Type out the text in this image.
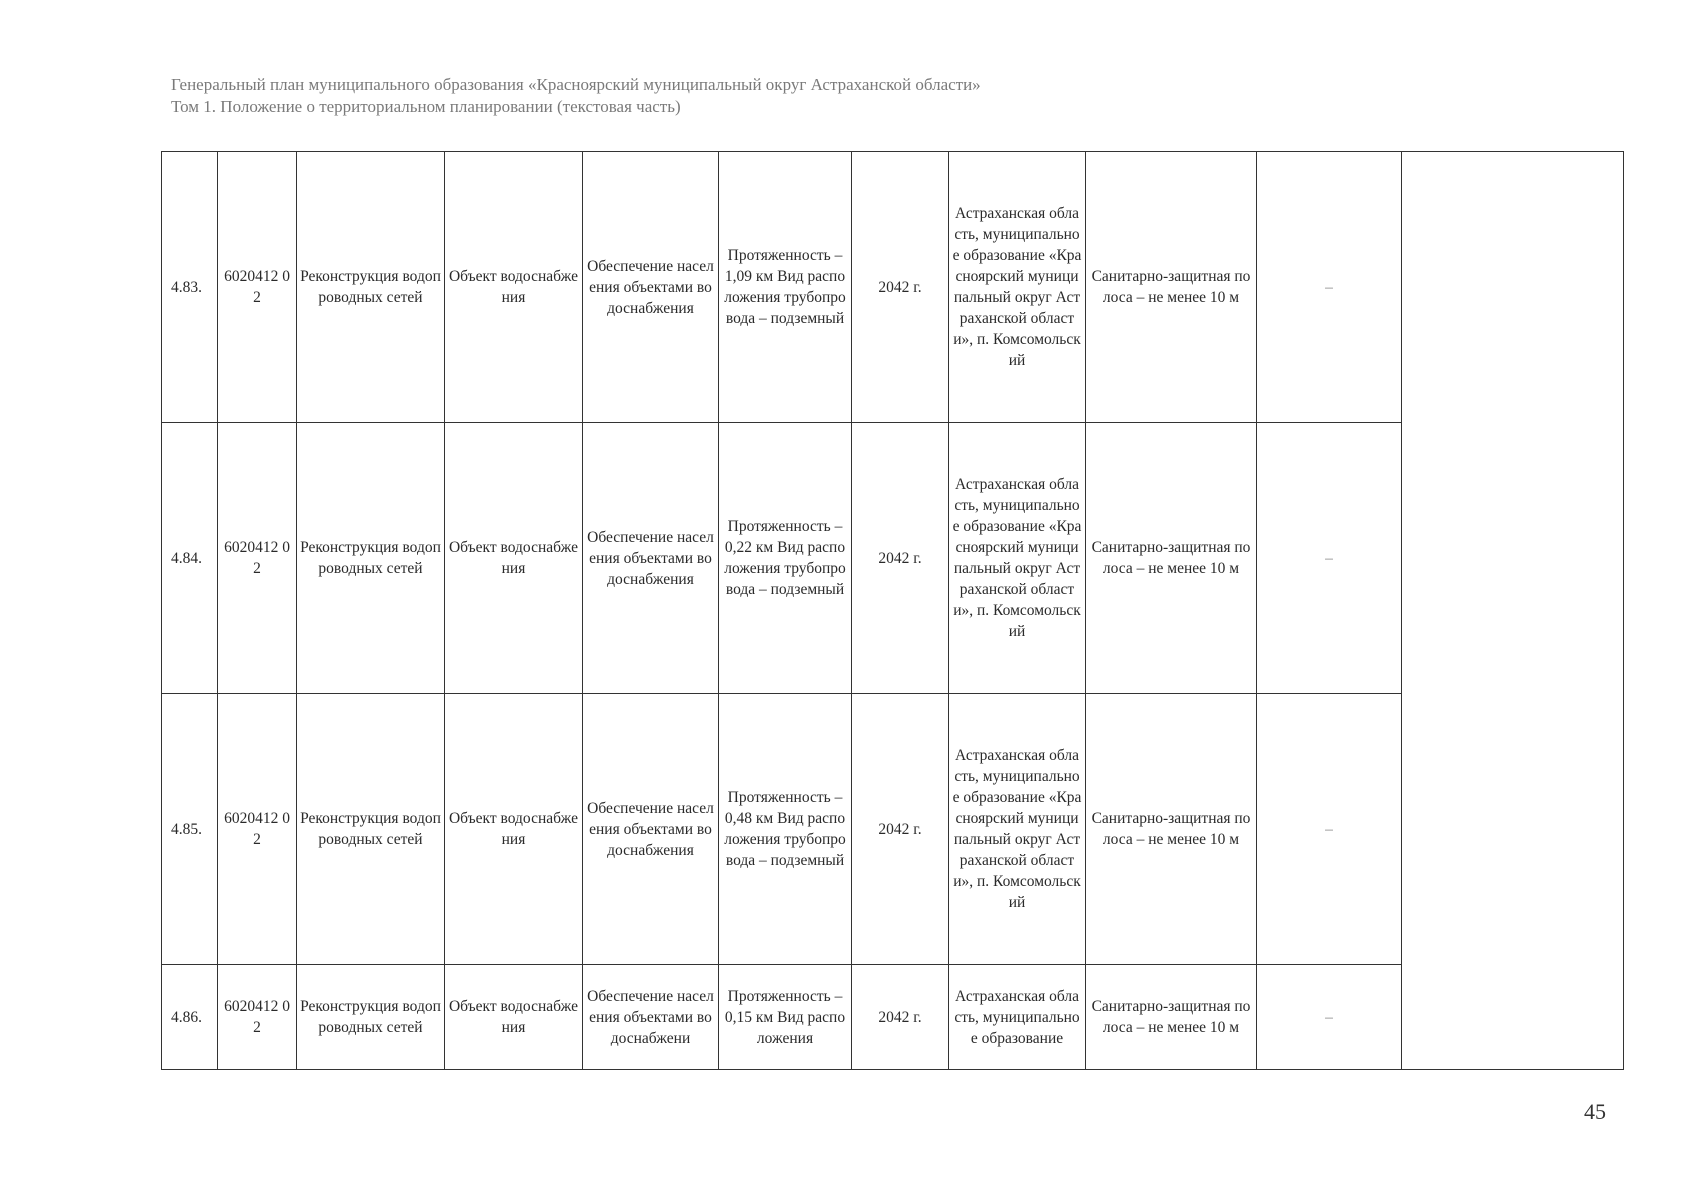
Генеральный план муниципального образования «Красноярский муниципальный округ Астраханской области»
Том 1. Положение о территориальном планировании (текстовая часть)
4.83.	6020412 02	Реконструкция водопроводных сетей	Объект водоснабжения	Обеспечение населения объектами водоснабжения	Протяженность – 1,09 км Вид расположения трубопровода – подземный	2042 г.	Астраханская область, муниципальное образование «Красноярский муниципальный округ Астраханской области», п. Комсомольский	Санитарно-защитная полоса – не менее 10 м	–	
4.84.	6020412 02	Реконструкция водопроводных сетей	Объект водоснабжения	Обеспечение населения объектами водоснабжения	Протяженность – 0,22 км Вид расположения трубопровода – подземный	2042 г.	Астраханская область, муниципальное образование «Красноярский муниципальный округ Астраханской области», п. Комсомольский	Санитарно-защитная полоса – не менее 10 м	–	
4.85.	6020412 02	Реконструкция водопроводных сетей	Объект водоснабжения	Обеспечение населения объектами водоснабжения	Протяженность – 0,48 км Вид расположения трубопровода – подземный	2042 г.	Астраханская область, муниципальное образование «Красноярский муниципальный округ Астраханской области», п. Комсомольский	Санитарно-защитная полоса – не менее 10 м	–	
4.86.	6020412 02	Реконструкция водопроводных сетей	Объект водоснабжения	Обеспечение населения объектами водоснабжени	Протяженность – 0,15 км Вид расположения	2042 г.	Астраханская область, муниципальное образование	Санитарно-защитная полоса – не менее 10 м	–	
45
